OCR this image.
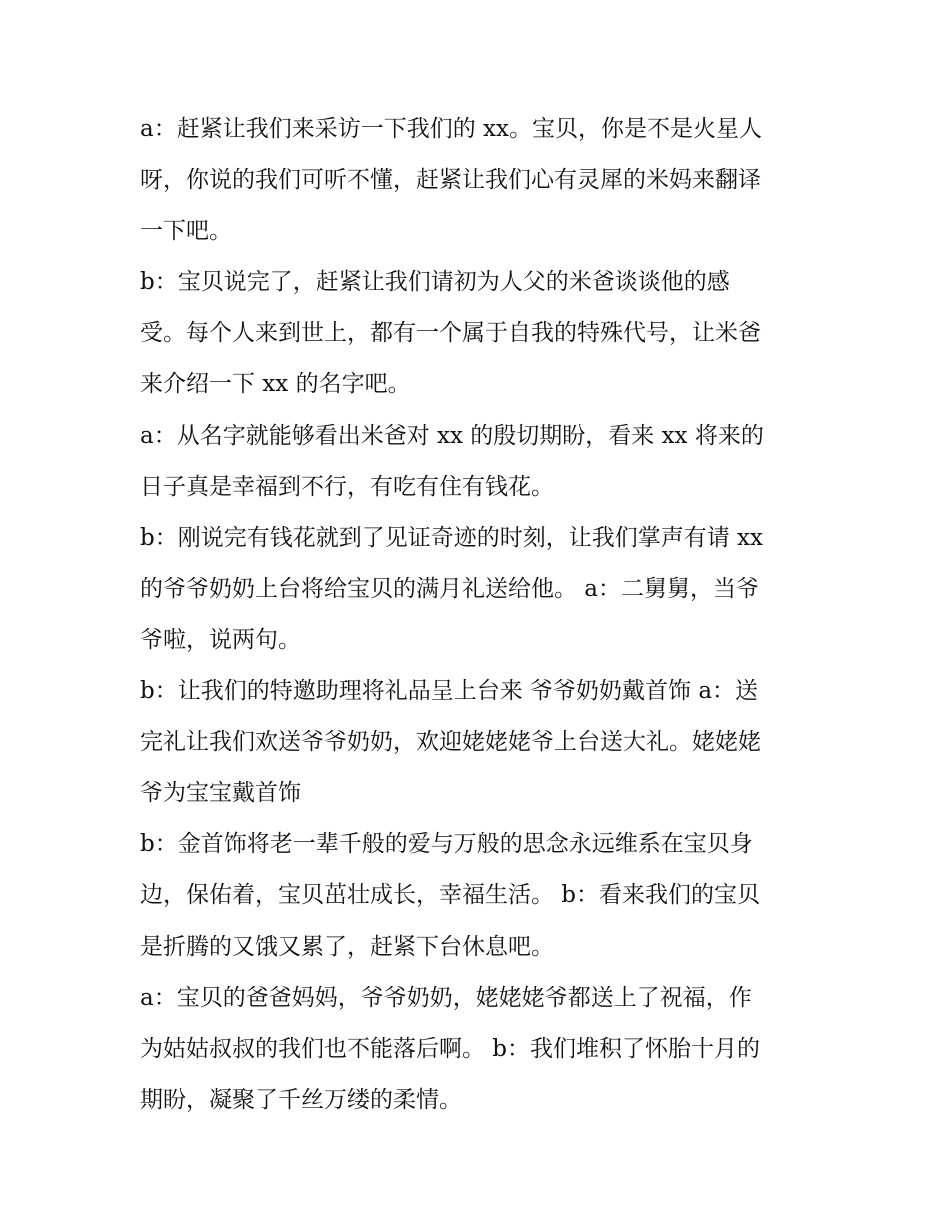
a：赶紧让我们来采访一下我们的 xx。宝贝，你是不是火星人
呀，你说的我们可听不懂，赶紧让我们心有灵犀的米妈来翻译
一下吧。
b：宝贝说完了，赶紧让我们请初为人父的米爸谈谈他的感
受。每个人来到世上，都有一个属于自我的特殊代号，让米爸
来介绍一下 xx 的名字吧。
a：从名字就能够看出米爸对 xx 的殷切期盼，看来 xx 将来的
日子真是幸福到不行，有吃有住有钱花。
b：刚说完有钱花就到了见证奇迹的时刻，让我们掌声有请 xx
的爷爷奶奶上台将给宝贝的满月礼送给他。 a：二舅舅，当爷
爷啦，说两句。
b：让我们的特邀助理将礼品呈上台来 爷爷奶奶戴首饰 a：送
完礼让我们欢送爷爷奶奶，欢迎姥姥姥爷上台送大礼。姥姥姥
爷为宝宝戴首饰
b：金首饰将老一辈千般的爱与万般的思念永远维系在宝贝身
边，保佑着，宝贝茁壮成长，幸福生活。 b：看来我们的宝贝
是折腾的又饿又累了，赶紧下台休息吧。
a：宝贝的爸爸妈妈，爷爷奶奶，姥姥姥爷都送上了祝福，作
为姑姑叔叔的我们也不能落后啊。 b：我们堆积了怀胎十月的
期盼，凝聚了千丝万缕的柔情。
